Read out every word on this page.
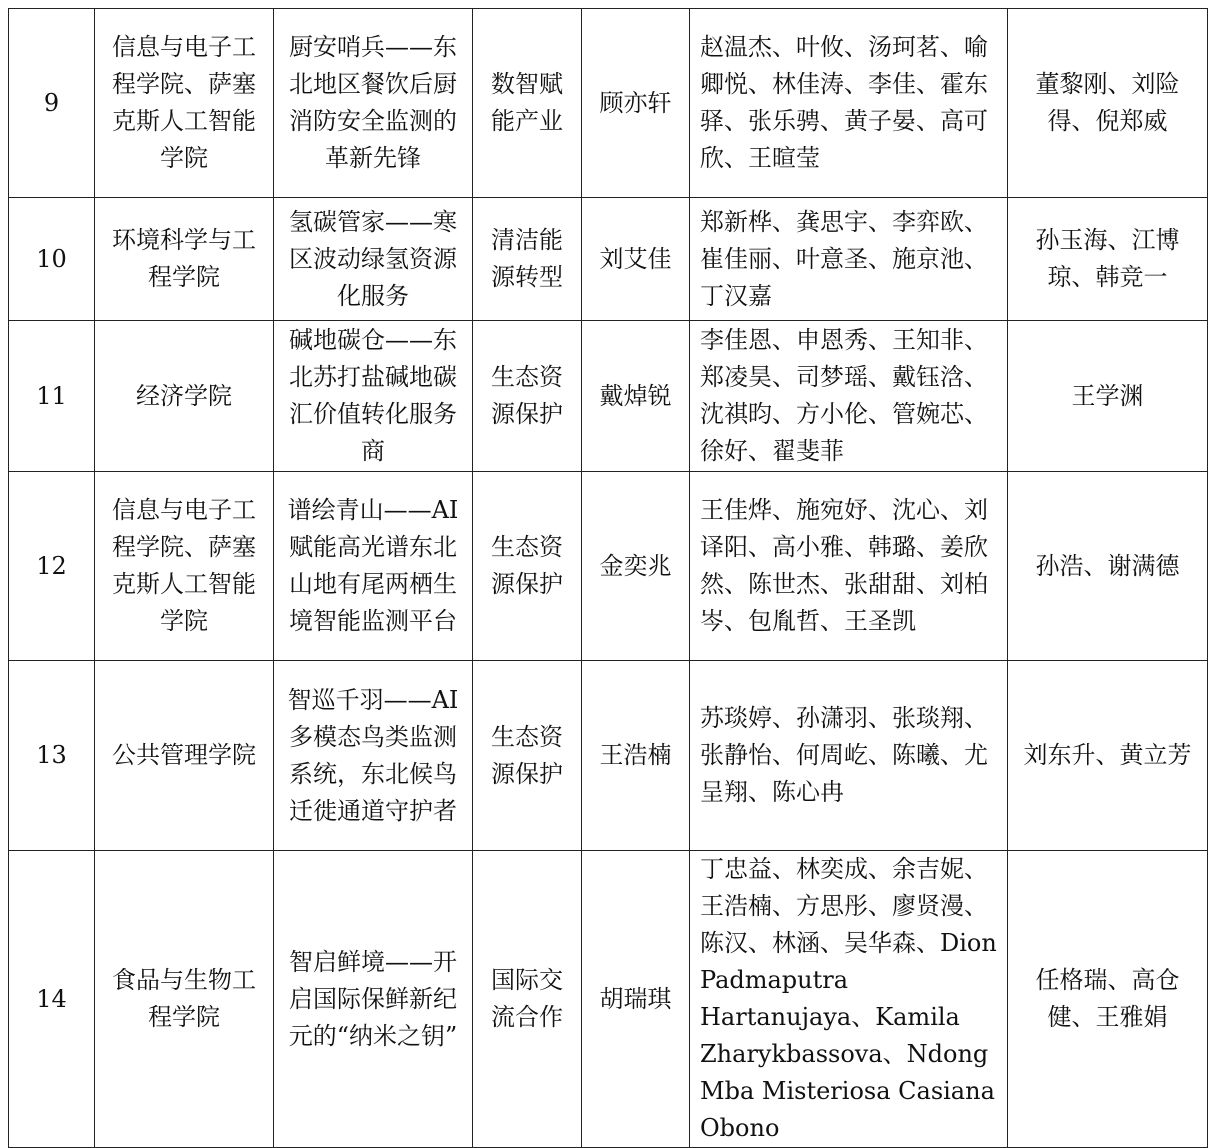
9	信息与电子工程学院、萨塞克斯人工智能学院	厨安哨兵——东北地区餐饮后厨消防安全监测的革新先锋	数智赋能产业	顾亦轩	赵温杰、叶攸、汤珂茗、喻卿悦、林佳涛、李佳、霍东驿、张乐骋、黄子晏、高可欣、王暄莹	董黎刚、刘险得、倪郑威
10	环境科学与工程学院	氢碳管家——寒区波动绿氢资源化服务	清洁能源转型	刘艾佳	郑新桦、龚思宇、李弈欧、崔佳丽、叶意圣、施京池、丁汉嘉	孙玉海、江博琼、韩竞一
11	经济学院	碱地碳仓——东北苏打盐碱地碳汇价值转化服务商	生态资源保护	戴焯锐	李佳恩、申恩秀、王知非、郑凌昊、司梦瑶、戴钰浛、沈祺昀、方小伦、管婉芯、徐好、翟斐菲	王学渊
12	信息与电子工程学院、萨塞克斯人工智能学院	谱绘青山——AI 赋能高光谱东北山地有尾两栖生境智能监测平台	生态资源保护	金奕兆	王佳烨、施宛妤、沈心、刘译阳、高小雅、韩璐、姜欣然、陈世杰、张甜甜、刘柏岑、包胤哲、王圣凯	孙浩、谢满德
13	公共管理学院	智巡千羽——AI 多模态鸟类监测系统，东北候鸟迁徙通道守护者	生态资源保护	王浩楠	苏琰婷、孙潇羽、张琰翔、张静怡、何周屹、陈曦、尤呈翔、陈心冉	刘东升、黄立芳
14	食品与生物工程学院	智启鲜境——开启国际保鲜新纪元的“纳米之钥”	国际交流合作	胡瑞琪	丁忠益、林奕成、余吉妮、王浩楠、方思彤、廖贤漫、陈汉、林涵、吴华森、Dion Padmaputra Hartanujaya、Kamila Zharykbassova、Ndong Mba Misteriosa Casiana Obono	任格瑞、高仓健、王雅娟
